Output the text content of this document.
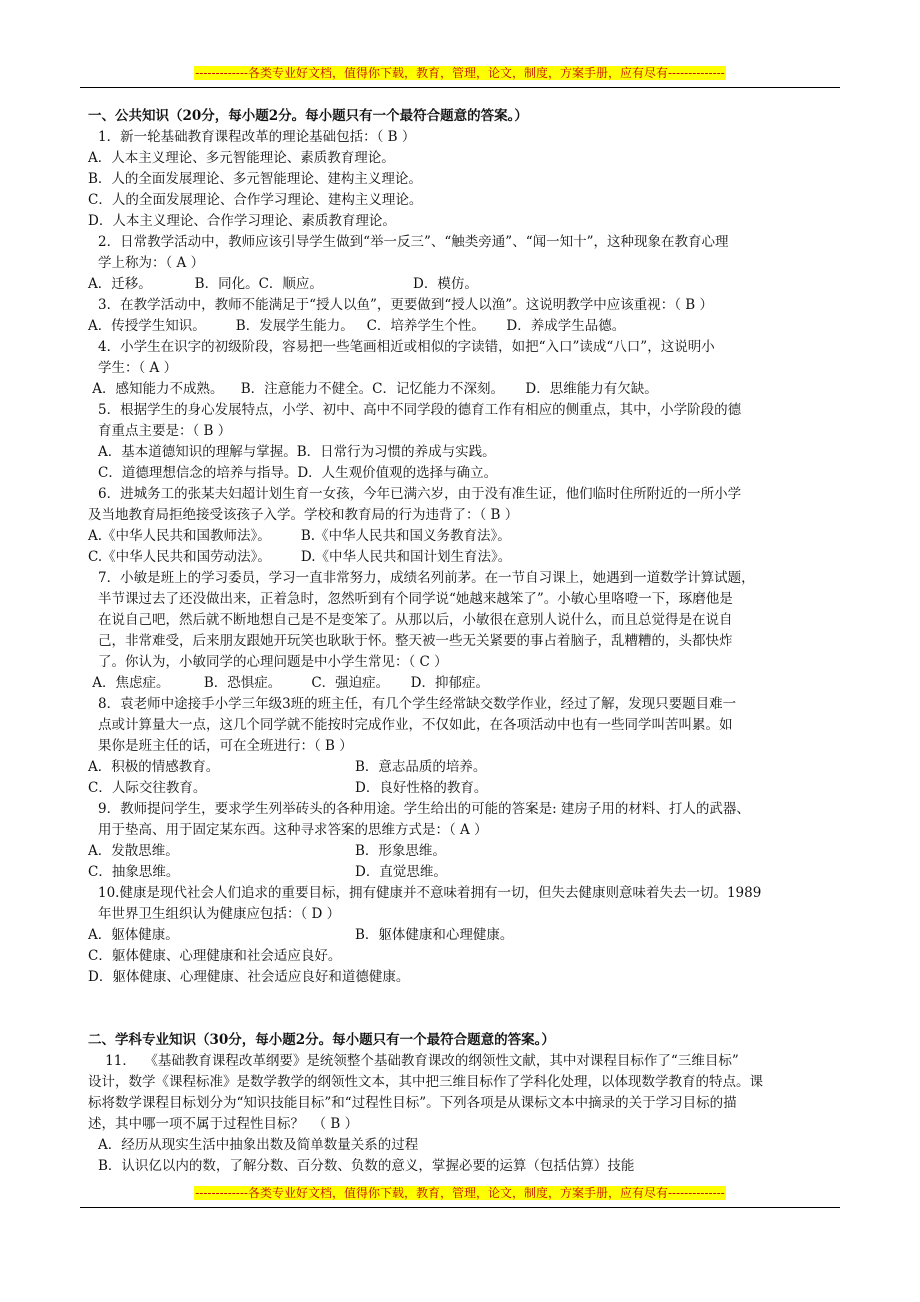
-------------各类专业好文档，值得你下载，教育，管理，论文，制度，方案手册，应有尽有--------------

一、公共知识（20分，每小题2分。每小题只有一个最符合题意的答案。）

1．新一轮基础教育课程改革的理论基础包括：（ B ）

A．人本主义理论、多元智能理论、素质教育理论。

B．人的全面发展理论、多元智能理论、建构主义理论。

C．人的全面发展理论、合作学习理论、建构主义理论。

D．人本主义理论、合作学习理论、素质教育理论。

2．日常教学活动中，教师应该引导学生做到“举一反三”、“触类旁通”、“闻一知十”，这种现象在教育心理

学上称为：（ A ）

A．迁移。          B．同化。C．顺应。                     D．模仿。

3．在教学活动中，教师不能满足于“授人以鱼”，更要做到“授人以渔”。这说明教学中应该重视：（ B ）

A．传授学生知识。       B．发展学生能力。   C．培养学生个性。     D．养成学生品德。

4．小学生在识字的初级阶段，容易把一些笔画相近或相似的字读错，如把“入口”读成“八口”，这说明小

学生：（ A ）

A．感知能力不成熟。    B．注意能力不健全。C．记忆能力不深刻。     D．思维能力有欠缺。

5．根据学生的身心发展特点，小学、初中、高中不同学段的德育工作有相应的侧重点，其中，小学阶段的德

育重点主要是：（ B ）

A．基本道德知识的理解与掌握。B．日常行为习惯的养成与实践。

C．道德理想信念的培养与指导。D．人生观价值观的选择与确立。

6．进城务工的张某夫妇超计划生育一女孩，今年已满六岁，由于没有准生证，他们临时住所附近的一所小学

及当地教育局拒绝接受该孩子入学。学校和教育局的行为违背了：（ B ）

A.《中华人民共和国教师法》。       B.《中华人民共和国义务教育法》。

C.《中华人民共和国劳动法》。       D.《中华人民共和国计划生育法》。

7．小敏是班上的学习委员，学习一直非常努力，成绩名列前茅。在一节自习课上，她遇到一道数学计算试题，

半节课过去了还没做出来，正着急时，忽然听到有个同学说“她越来越笨了”。小敏心里咯噔一下，琢磨他是

在说自己吧，然后就不断地想自己是不是变笨了。从那以后，小敏很在意别人说什么，而且总觉得是在说自

己，非常难受，后来朋友跟她开玩笑也耿耿于怀。整天被一些无关紧要的事占着脑子，乱糟糟的，头都快炸

了。你认为，小敏同学的心理问题是中小学生常见：（ C ）

A．焦虑症。        B．恐惧症。       C．强迫症。     D．抑郁症。

8．袁老师中途接手小学三年级3班的班主任，有几个学生经常缺交数学作业，经过了解，发现只要题目难一

点或计算量大一点，这几个同学就不能按时完成作业，不仅如此，在各项活动中也有一些同学叫苦叫累。如

果你是班主任的话，可在全班进行：（ B ）

A．积极的情感教育。	B．意志品质的培养。

C．人际交往教育。	D．良好性格的教育。

9．教师提问学生，要求学生列举砖头的各种用途。学生给出的可能的答案是: 建房子用的材料、打人的武器、

用于垫高、用于固定某东西。这种寻求答案的思维方式是：（ A ）

A．发散思维。	B．形象思维。

C．抽象思维。	D．直觉思维。

10.健康是现代社会人们追求的重要目标，拥有健康并不意味着拥有一切，但失去健康则意味着失去一切。1989

年世界卫生组织认为健康应包括：（ D ）

A．躯体健康。	B．躯体健康和心理健康。

C．躯体健康、心理健康和社会适应良好。

D．躯体健康、心理健康、社会适应良好和道德健康。

二、学科专业知识（30分，每小题2分。每小题只有一个最符合题意的答案。）

11．  《基础教育课程改革纲要》是统领整个基础教育课改的纲领性文献，其中对课程目标作了“三维目标”

设计，数学《课程标准》是数学教学的纲领性文本，其中把三维目标作了学科化处理，以体现数学教育的特点。课

标将数学课程目标划分为“知识技能目标”和“过程性目标”。下列各项是从课标文本中摘录的关于学习目标的描

述，其中哪一项不属于过程性目标？  （ B ）

A．经历从现实生活中抽象出数及简单数量关系的过程

B．认识亿以内的数，了解分数、百分数、负数的意义，掌握必要的运算（包括估算）技能

-------------各类专业好文档，值得你下载，教育，管理，论文，制度，方案手册，应有尽有--------------
